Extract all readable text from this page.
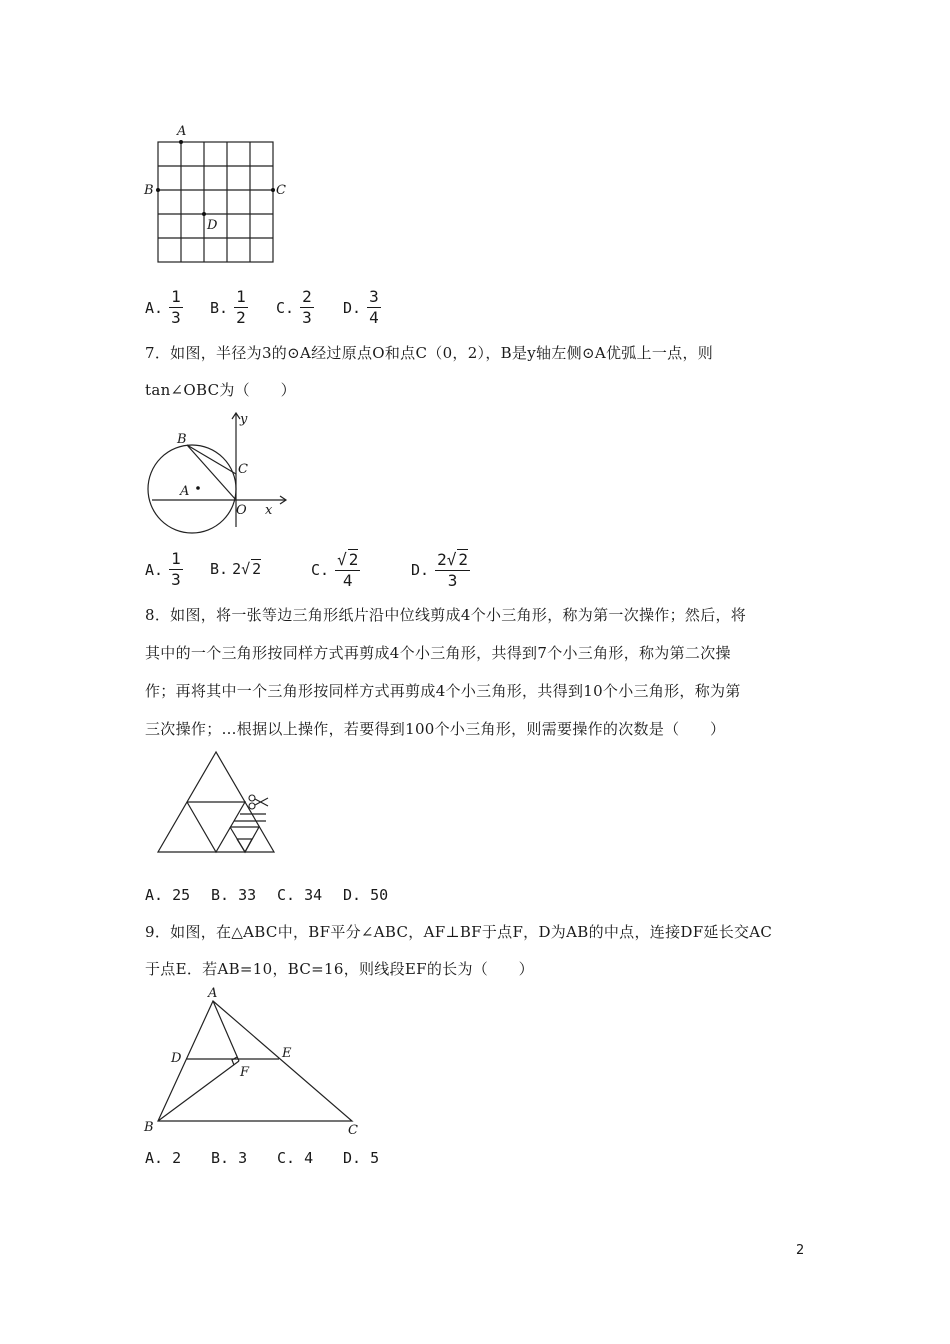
A
B	C
D
A. $\frac{1}{3} B$. $\frac{1}{2} C$. $\frac{2}{3} D$. $\frac{3}{4}$
7．如图，半径为3的⊙A经过原点O和点C（0，2），B是y轴左侧⊙A优弧上一点，则
tan∠OBC为（　　）
y
B
C
A
O x
A. $\frac{1}{3} B$. 2√ 2	C. $\frac{√ 2}{4}$	D. $\frac{2√ 2}{3}$
8．如图，将一张等边三角形纸片沿中位线剪成4个小三角形，称为第一次操作；然后，将
其中的一个三角形按同样方式再剪成4个小三角形，共得到7个小三角形，称为第二次操
作；再将其中一个三角形按同样方式再剪成4个小三角形，共得到10个小三角形，称为第
三次操作；…根据以上操作，若要得到100个小三角形，则需要操作的次数是（　　）
A. 25 B. 33 C. 34 D. 50
9．如图，在△ABC中，BF平分∠ABC，AF⊥BF于点F，D为AB的中点，连接DF延长交AC
于点E．若AB=10，BC=16，则线段EF的长为（　　）
A
D	E
F
B	C
A. 2 B. 3 C. 4 D. 5
2
